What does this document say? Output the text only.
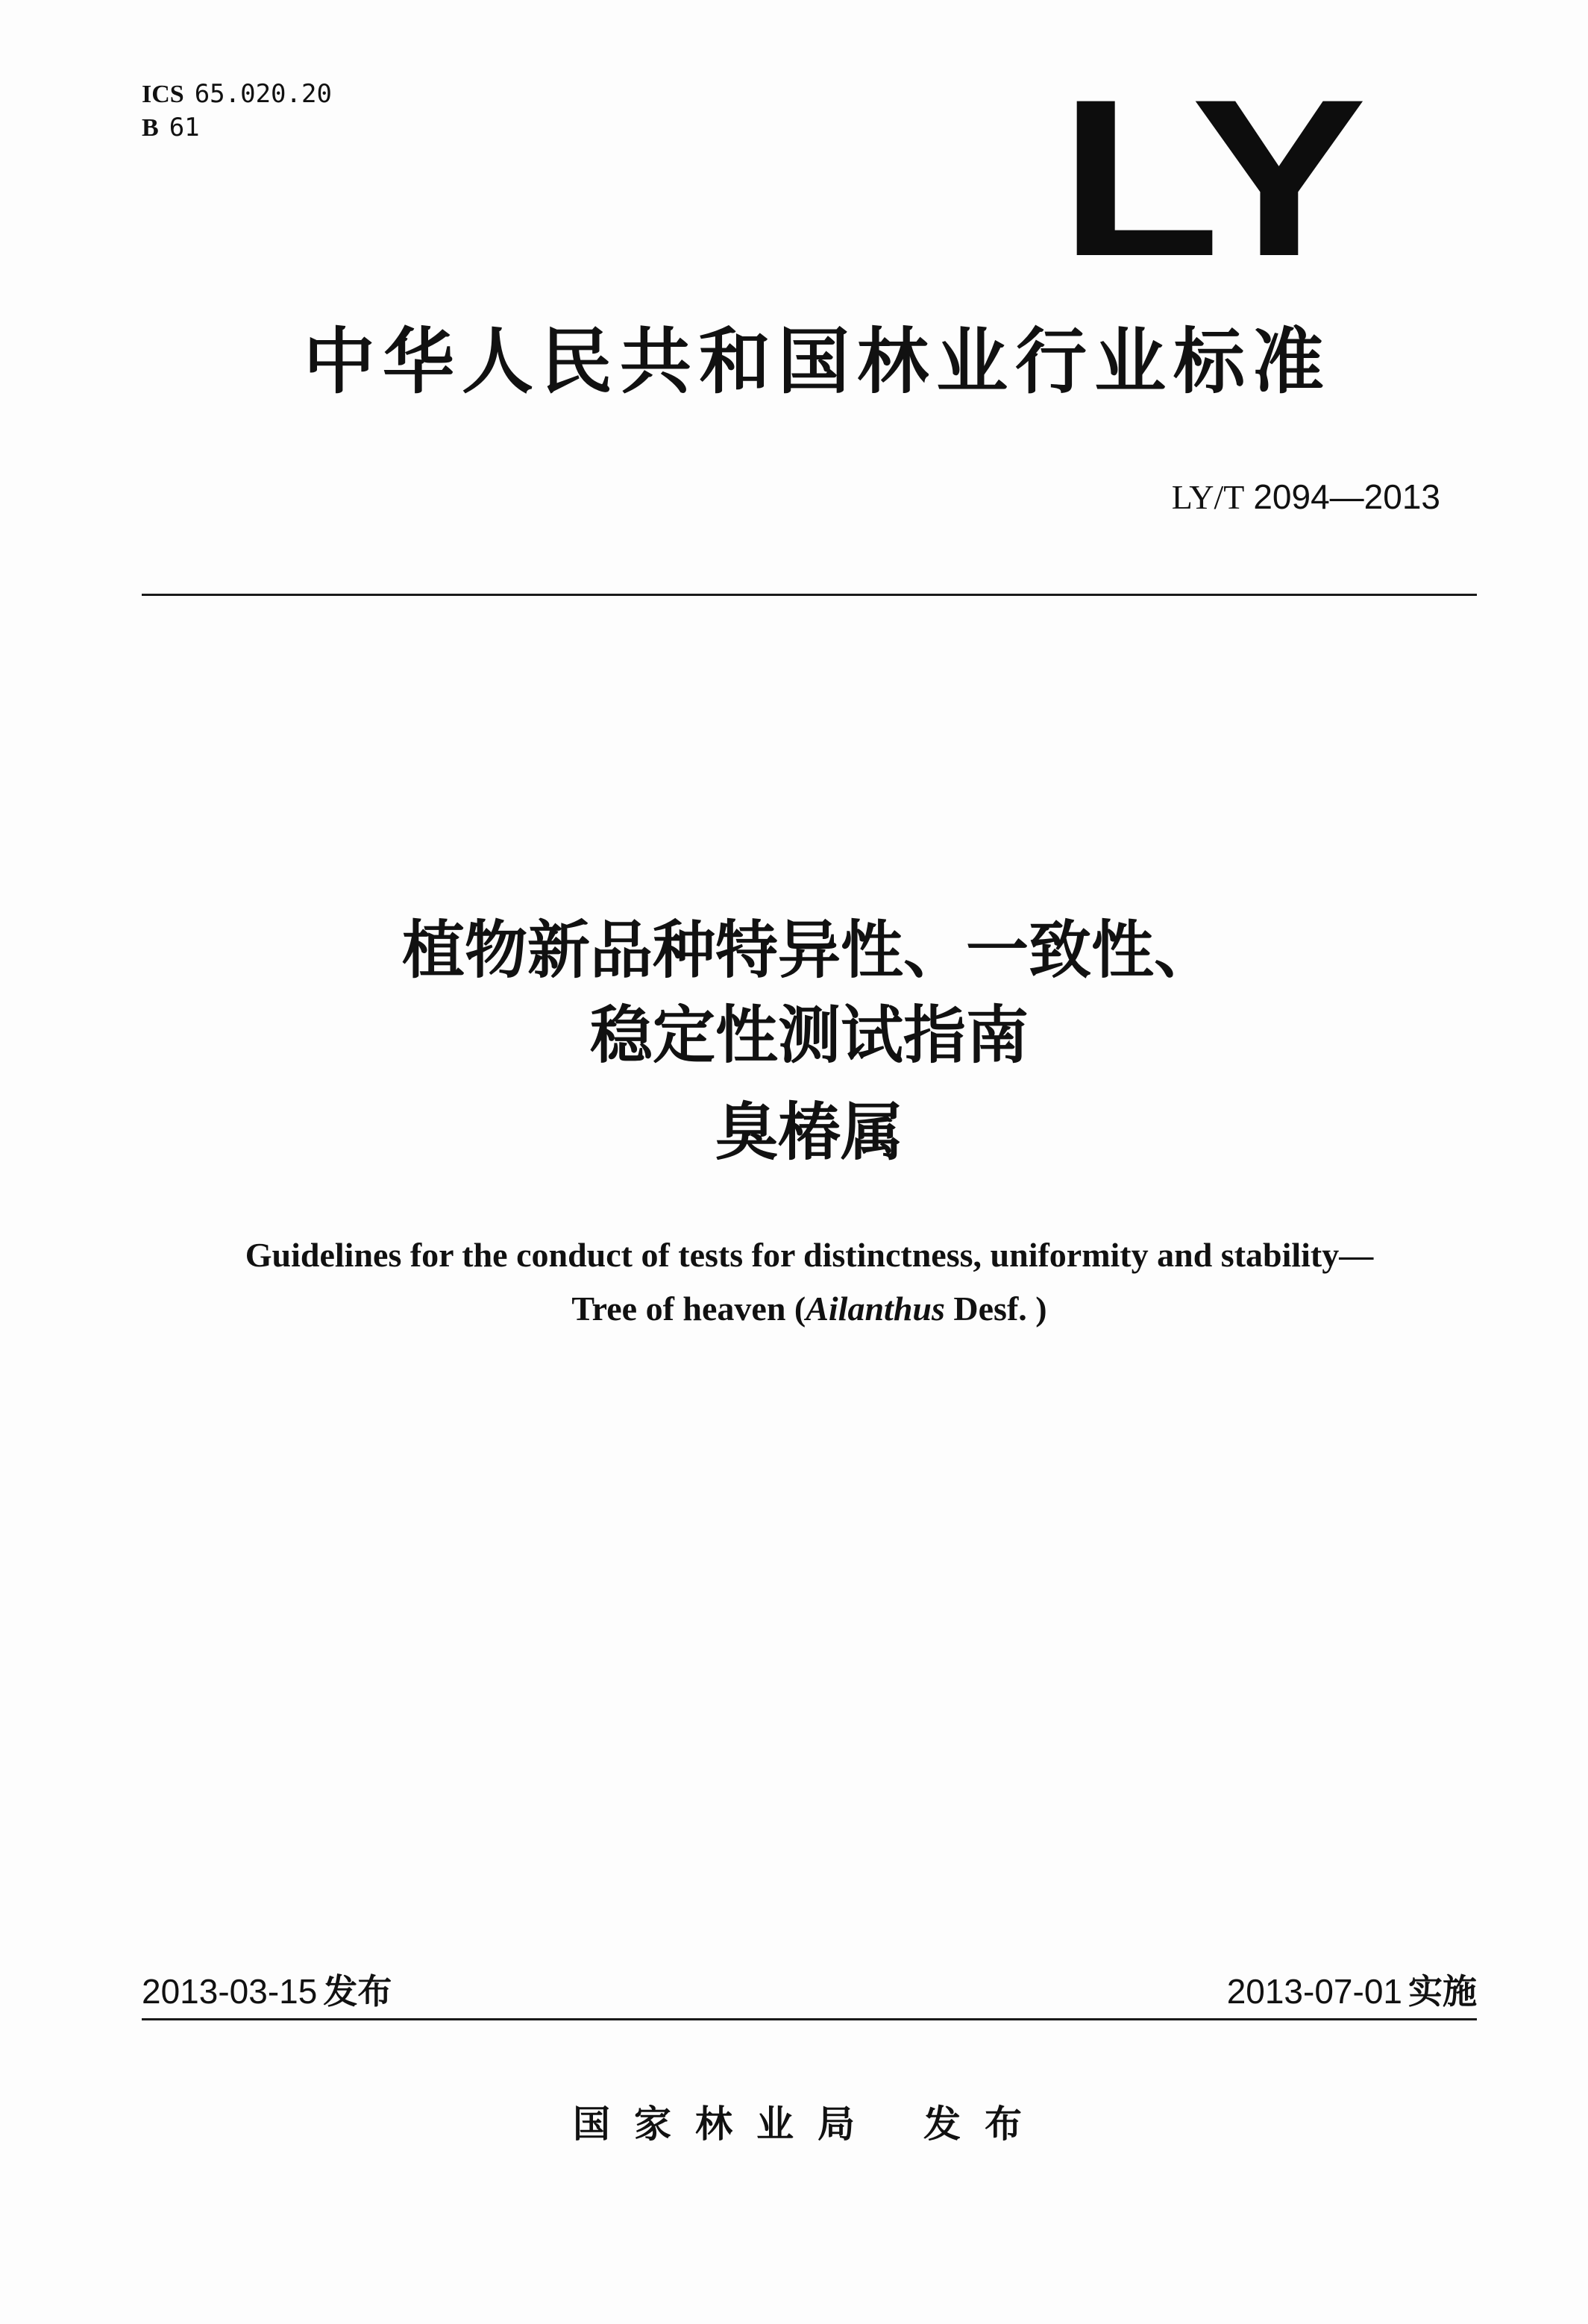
ICS 65.020.20
B 61	LY
中华人民共和国林业行业标准
LY/T 2094—2013
植物新品种特异性、一致性、
稳定性测试指南
臭椿属
Guidelines for the conduct of tests for distinctness, uniformity and stability—
Tree of heaven (Ailanthus Desf. )
2013-03-15 发布	2013-07-01 实施
国家林业局 发布
